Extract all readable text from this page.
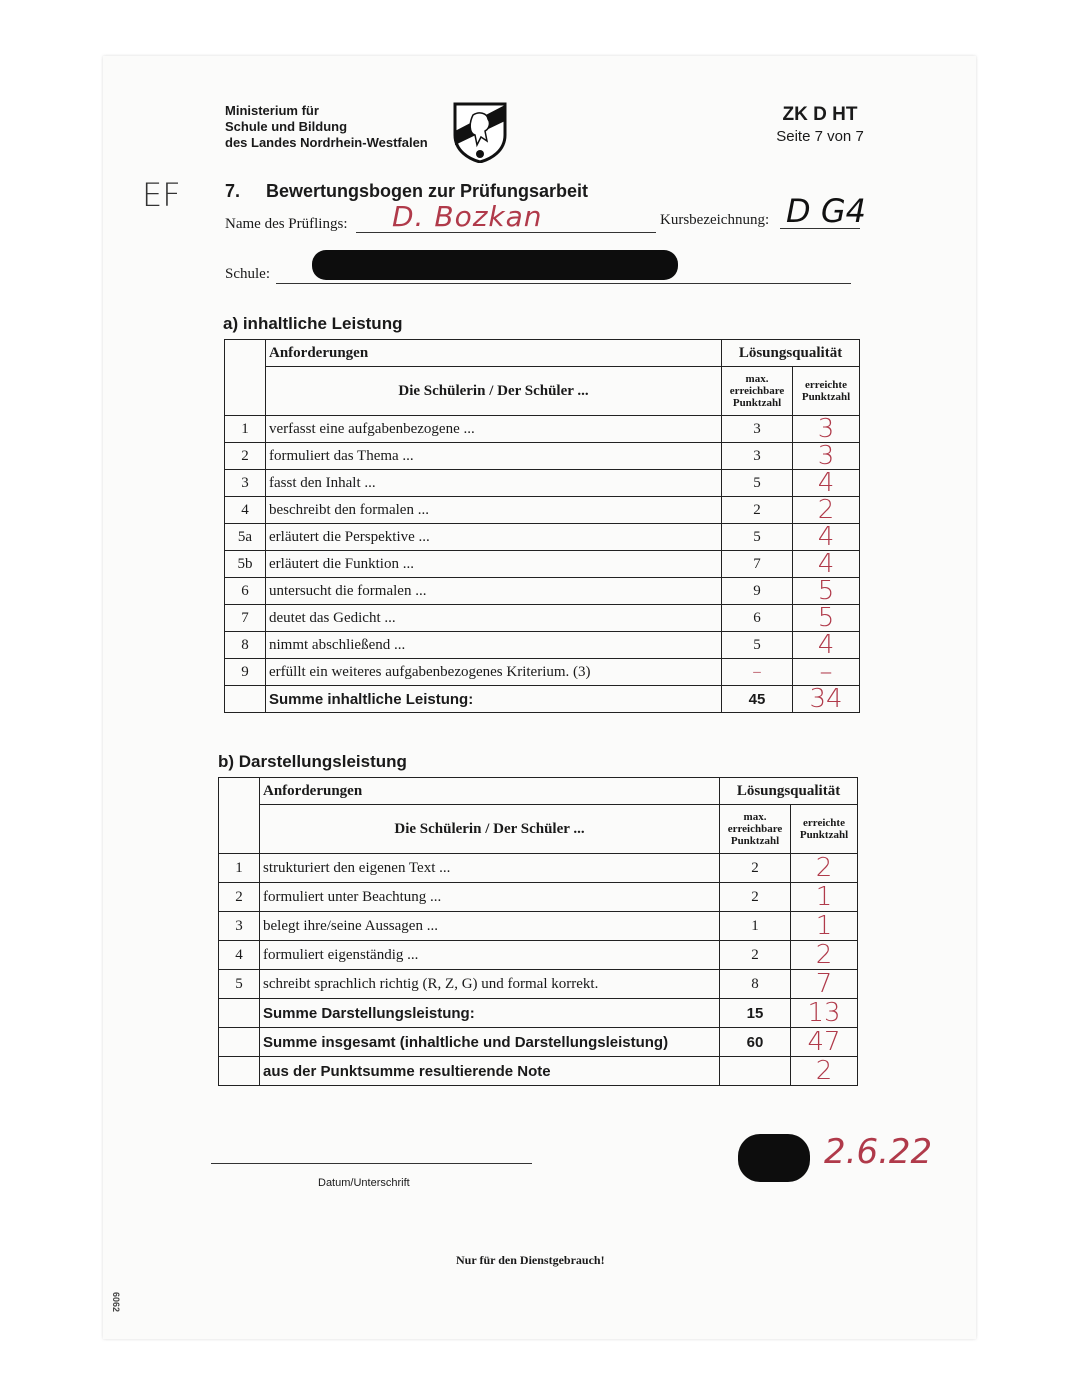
Ministerium für
Schule und Bildung
des Landes Nordrhein-Westfalen
ZK D HT
Seite 7 von 7
EF 7. Bewertungsbogen zur Prüfungsarbeit
Name des Prüflings: D. Bozkan	Kursbezeichnung: D G4
Schule:
a) inhaltliche Leistung
	Anforderungen	Lösungsqualität	
	Die Schülerin / Der Schüler ...	max. erreichbare Punktzahl	erreichte Punktzahl
1	verfasst eine aufgabenbezogene ...	3	3
2	formuliert das Thema ...	3	3
3	fasst den Inhalt ...	5	4
4	beschreibt den formalen ...	2	2
5a	erläutert die Perspektive ...	5	4
5b	erläutert die Funktion ...	7	4
6	untersucht die formalen ...	9	5
7	deutet das Gedicht ...	6	5
8	nimmt abschließend ...	5	4
9	erfüllt ein weiteres aufgabenbezogenes Kriterium. (3)	–	–
	Summe inhaltliche Leistung:	45	34
b) Darstellungsleistung
	Anforderungen	Lösungsqualität	
	Die Schülerin / Der Schüler ...	max. erreichbare Punktzahl	erreichte Punktzahl
1	strukturiert den eigenen Text ...	2	2
2	formuliert unter Beachtung ...	2	1
3	belegt ihre/seine Aussagen ...	1	1
4	formuliert eigenständig ...	2	2
5	schreibt sprachlich richtig (R, Z, G) und formal korrekt.	8	7
	Summe Darstellungsleistung:	15	13
	Summe insgesamt (inhaltliche und Darstellungsleistung)	60	47
	aus der Punktsumme resultierende Note		2
Datum/Unterschrift
2.6.22
Nur für den Dienstgebrauch!
6062
